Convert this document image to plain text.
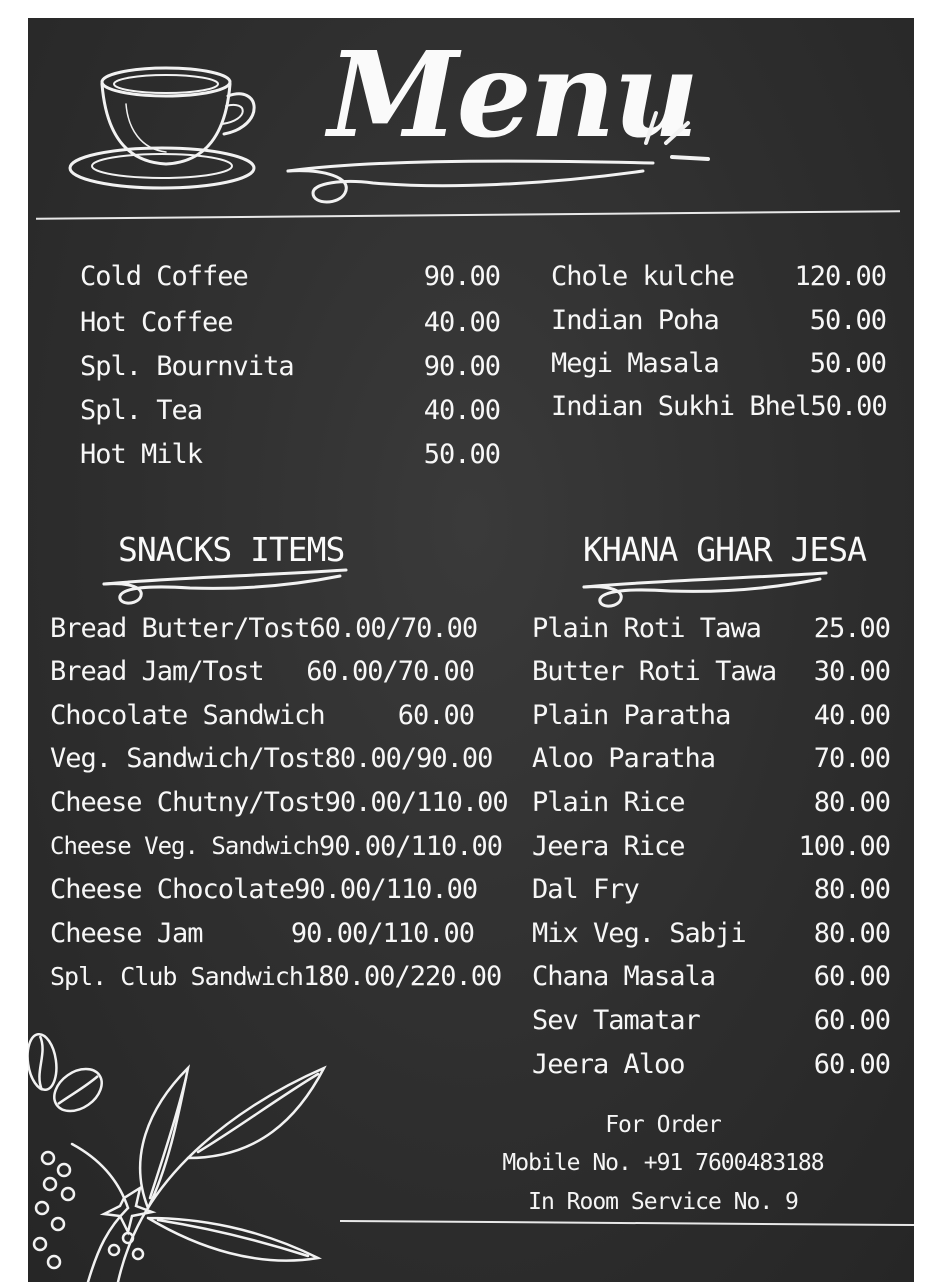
Menu
Cold Coffee	90.00
Hot Coffee	40.00
Spl. Bournvita	90.00
Spl. Tea	40.00
Hot Milk	50.00
Chole kulche 120.00
Indian Poha	50.00
Megi Masala	50.00
Indian Sukhi Bhel 50.00
SNACKS ITEMS
Bread Butter/Tost 60.00/70.00
Bread Jam/Tost 60.00/70.00
Chocolate Sandwich	60.00
Veg. Sandwich/Tost 80.00/90.00
Cheese Chutny/Tost 90.00/110.00
Cheese Veg. Sandwich 90.00/110.00
Cheese Chocolate 90.00/110.00
Cheese Jam	90.00/110.00
Spl. Club Sandwich 180.00/220.00
KHANA GHAR JESA
Plain Roti Tawa 25.00
Butter Roti Tawa 30.00
Plain Paratha	40.00
Aloo Paratha	70.00
Plain Rice	80.00
Jeera Rice	100.00
Dal Fry	80.00
Mix Veg. Sabji	80.00
Chana Masala	60.00
Sev Tamatar	60.00
Jeera Aloo	60.00
For Order
Mobile No. +91 7600483188
In Room Service No. 9
